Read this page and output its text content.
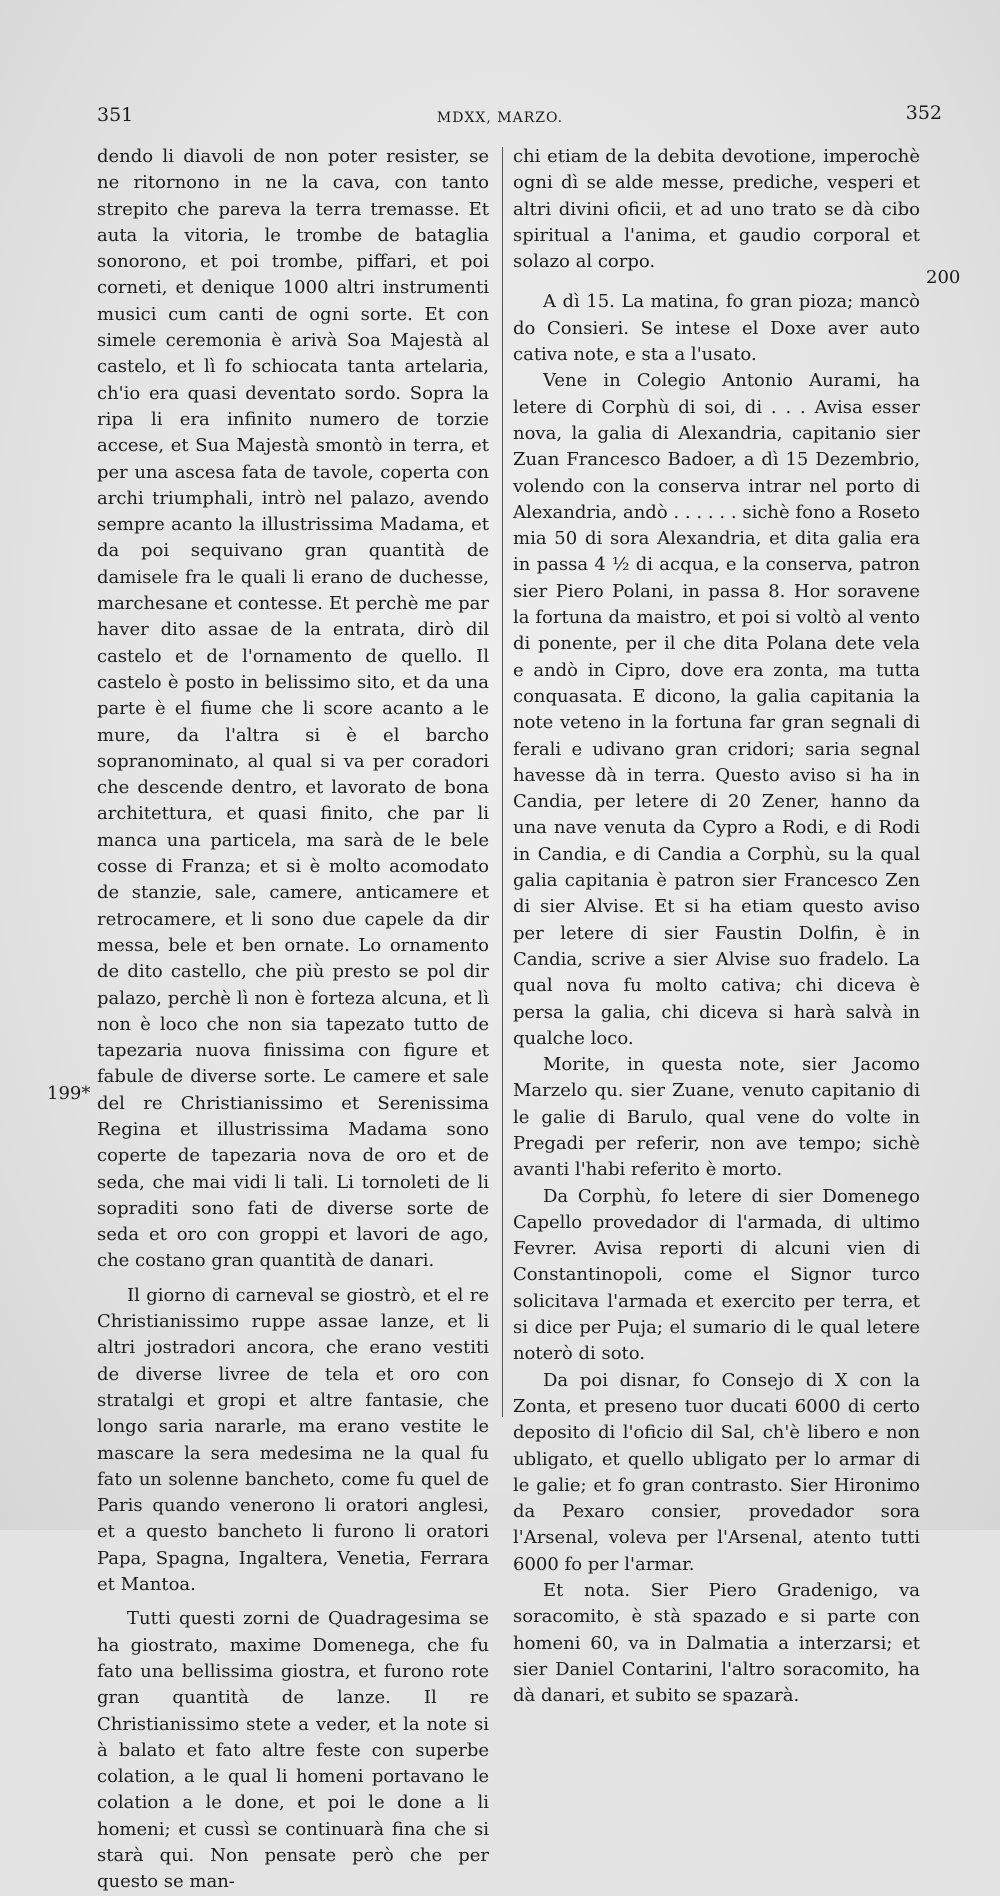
351	MDXX, MARZO.	352

dendo li diavoli de non poter resister, se ne ritornono in ne la cava, con tanto strepito che pareva la terra tremasse. Et auta la vitoria, le trombe de bataglia sonorono, et poi trombe, piffari, et poi corneti, et denique 1000 altri instrumenti musici cum canti de ogni sorte. Et con simele ceremonia è arivà Soa Majestà al castelo, et lì fo schiocata tanta artelaria, ch'io era quasi deventato sordo. Sopra la ripa li era infinito numero de torzie accese, et Sua Majestà smontò in terra, et per una ascesa fata de tavole, coperta con archi triumphali, intrò nel palazo, avendo sempre acanto la illustrissima Madama, et da poi sequivano gran quantità de damisele fra le quali li erano de duchesse, marchesane et contesse. Et perchè me par haver dito assae de la entrata, dirò dil castelo et de l'ornamento de quello. Il castelo è posto in belissimo sito, et da una parte è el fiume che li score acanto a le mure, da l'altra si è el barcho sopranominato, al qual si va per coradori che descende dentro, et lavorato de bona architettura, et quasi finito, che par li manca una particela, ma sarà de le bele cosse di Franza; et si è molto acomodato de stanzie, sale, camere, anticamere et retrocamere, et li sono due capele da dir messa, bele et ben ornate. Lo ornamento de dito castello, che più presto se pol dir palazo, perchè lì non è forteza alcuna, et lì non è loco che non sia tapezato tutto de tapezaria nuova finissima con figure et fabule de diverse sorte. Le camere et sale del re Christianissimo et Serenissima Regina et illustrissima Madama sono coperte de tapezaria nova de oro et de seda, che mai vidi li tali. Li tornoleti de li sopraditi sono fati de diverse sorte de seda et oro con groppi et lavori de ago, che costano gran quantità de danari.

Il giorno di carneval se giostrò, et el re Christianissimo ruppe assae lanze, et li altri jostradori ancora, che erano vestiti de diverse livree de tela et oro con stratalgi et gropi et altre fantasie, che longo saria nararle, ma erano vestite le mascare la sera medesima ne la qual fu fato un solenne bancheto, come fu quel de Paris quando venerono li oratori anglesi, et a questo bancheto li furono li oratori Papa, Spagna, Ingaltera, Venetia, Ferrara et Mantoa.

Tutti questi zorni de Quadragesima se ha giostrato, maxime Domenega, che fu fato una bellissima giostra, et furono rote gran quantità de lanze. Il re Christianissimo stete a veder, et la note si à balato et fato altre feste con superbe colation, a le qual li homeni portavano le colation a le done, et poi le done a li homeni; et cussì se continuarà fina che si starà qui. Non pensate però che per questo se man-

chi etiam de la debita devotione, imperochè ogni dì se alde messe, prediche, vesperi et altri divini oficii, et ad uno trato se dà cibo spiritual a l'anima, et gaudio corporal et solazo al corpo.

A dì 15. La matina, fo gran pioza; mancò do Consieri. Se intese el Doxe aver auto cativa note, e sta a l'usato.

Vene in Colegio Antonio Aurami, ha letere di Corphù di soi, di . . . Avisa esser nova, la galia di Alexandria, capitanio sier Zuan Francesco Badoer, a dì 15 Dezembrio, volendo con la conserva intrar nel porto di Alexandria, andò . . . . . . sichè fono a Roseto mia 50 di sora Alexandria, et dita galia era in passa 4 ½ di acqua, e la conserva, patron sier Piero Polani, in passa 8. Hor soravene la fortuna da maistro, et poi si voltò al vento di ponente, per il che dita Polana dete vela e andò in Cipro, dove era zonta, ma tutta conquasata. E dicono, la galia capitania la note veteno in la fortuna far gran segnali di ferali e udivano gran cridori; saria segnal havesse dà in terra. Questo aviso si ha in Candia, per letere di 20 Zener, hanno da una nave venuta da Cypro a Rodi, e di Rodi in Candia, e di Candia a Corphù, su la qual galia capitania è patron sier Francesco Zen di sier Alvise. Et si ha etiam questo aviso per letere di sier Faustin Dolfin, è in Candia, scrive a sier Alvise suo fradelo. La qual nova fu molto cativa; chi diceva è persa la galia, chi diceva si harà salvà in qualche loco.

Morite, in questa note, sier Jacomo Marzelo qu. sier Zuane, venuto capitanio di le galie di Barulo, qual vene do volte in Pregadi per referir, non ave tempo; sichè avanti l'habi referito è morto.

Da Corphù, fo letere di sier Domenego Capello provedador di l'armada, di ultimo Fevrer. Avisa reporti di alcuni vien di Constantinopoli, come el Signor turco solicitava l'armada et exercito per terra, et si dice per Puja; el sumario di le qual letere noterò di soto.

Da poi disnar, fo Consejo di X con la Zonta, et preseno tuor ducati 6000 di certo deposito di l'oficio dil Sal, ch'è libero e non ubligato, et quello ubligato per lo armar di le galie; et fo gran contrasto. Sier Hironimo da Pexaro consier, provedador sora l'Arsenal, voleva per l'Arsenal, atento tutti 6000 fo per l'armar.

Et nota. Sier Piero Gradenigo, va soracomito, è stà spazado e si parte con homeni 60, va in Dalmatia a interzarsi; et sier Daniel Contarini, l'altro soracomito, ha dà danari, et subito se spazarà.

199*
200
